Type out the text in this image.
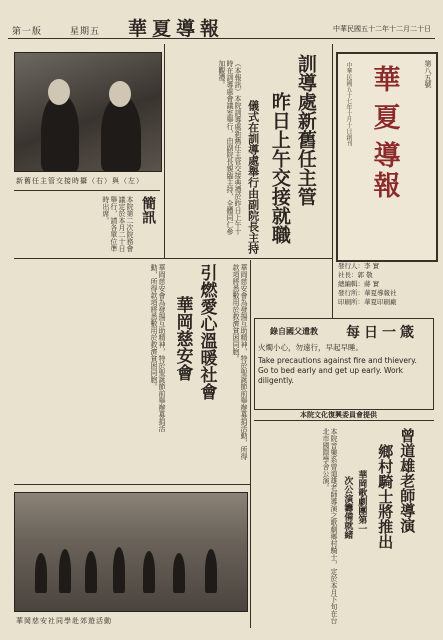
第一版	星期五 華夏導報	中華民國五十二年十二月二十日
華
夏
導
報
第八五號
中華民國五十七年十月十日創刊
發行人：李 實
社長：郭 敬
總編輯：蔣 實
發行所：華夏導報社
印刷所：華夏印刷廠
訓導處新舊任主管
昨日上午交接就職
儀式在訓導處舉行由副院長主持
（本報訊）本院訓導處新舊任主管交接典禮於昨日上午十時在訓導處會議室舉行，由副院長親臨主持，全體同仁參加觀禮。
新舊任主管交接時攝（右）與（左）
簡訊
本院第二次院務會議定於本月二十日舉行，請各單位準時出席。
引燃愛心溫暖社會
華岡慈安會
華岡慈安會為發揚互助精神，特於聖誕節前舉辦募捐活動，所得款項將悉數用於救濟貧困同胞。	華岡慈安會為發揚互助精神，特於聖誕節前舉辦募捐活動，所得款項將悉數用於救濟貧困同胞。	每日一箴
錄自國父遺教
火燭小心，勿遠行，早起早睡。
Take precautions against fire and thievery. Go to bed early and get up early. Work diligently.
本院文化復興委員會提供
曾道雄老師導演
鄉村騎士將推出
華岡歌劇團第一
次公演籌備就緒
本院音樂系曾道雄老師導演之歌劇鄉村騎士，定於本月下旬在台北市國際學舍公演。
華岡慈安社同學赴郊遊活動
